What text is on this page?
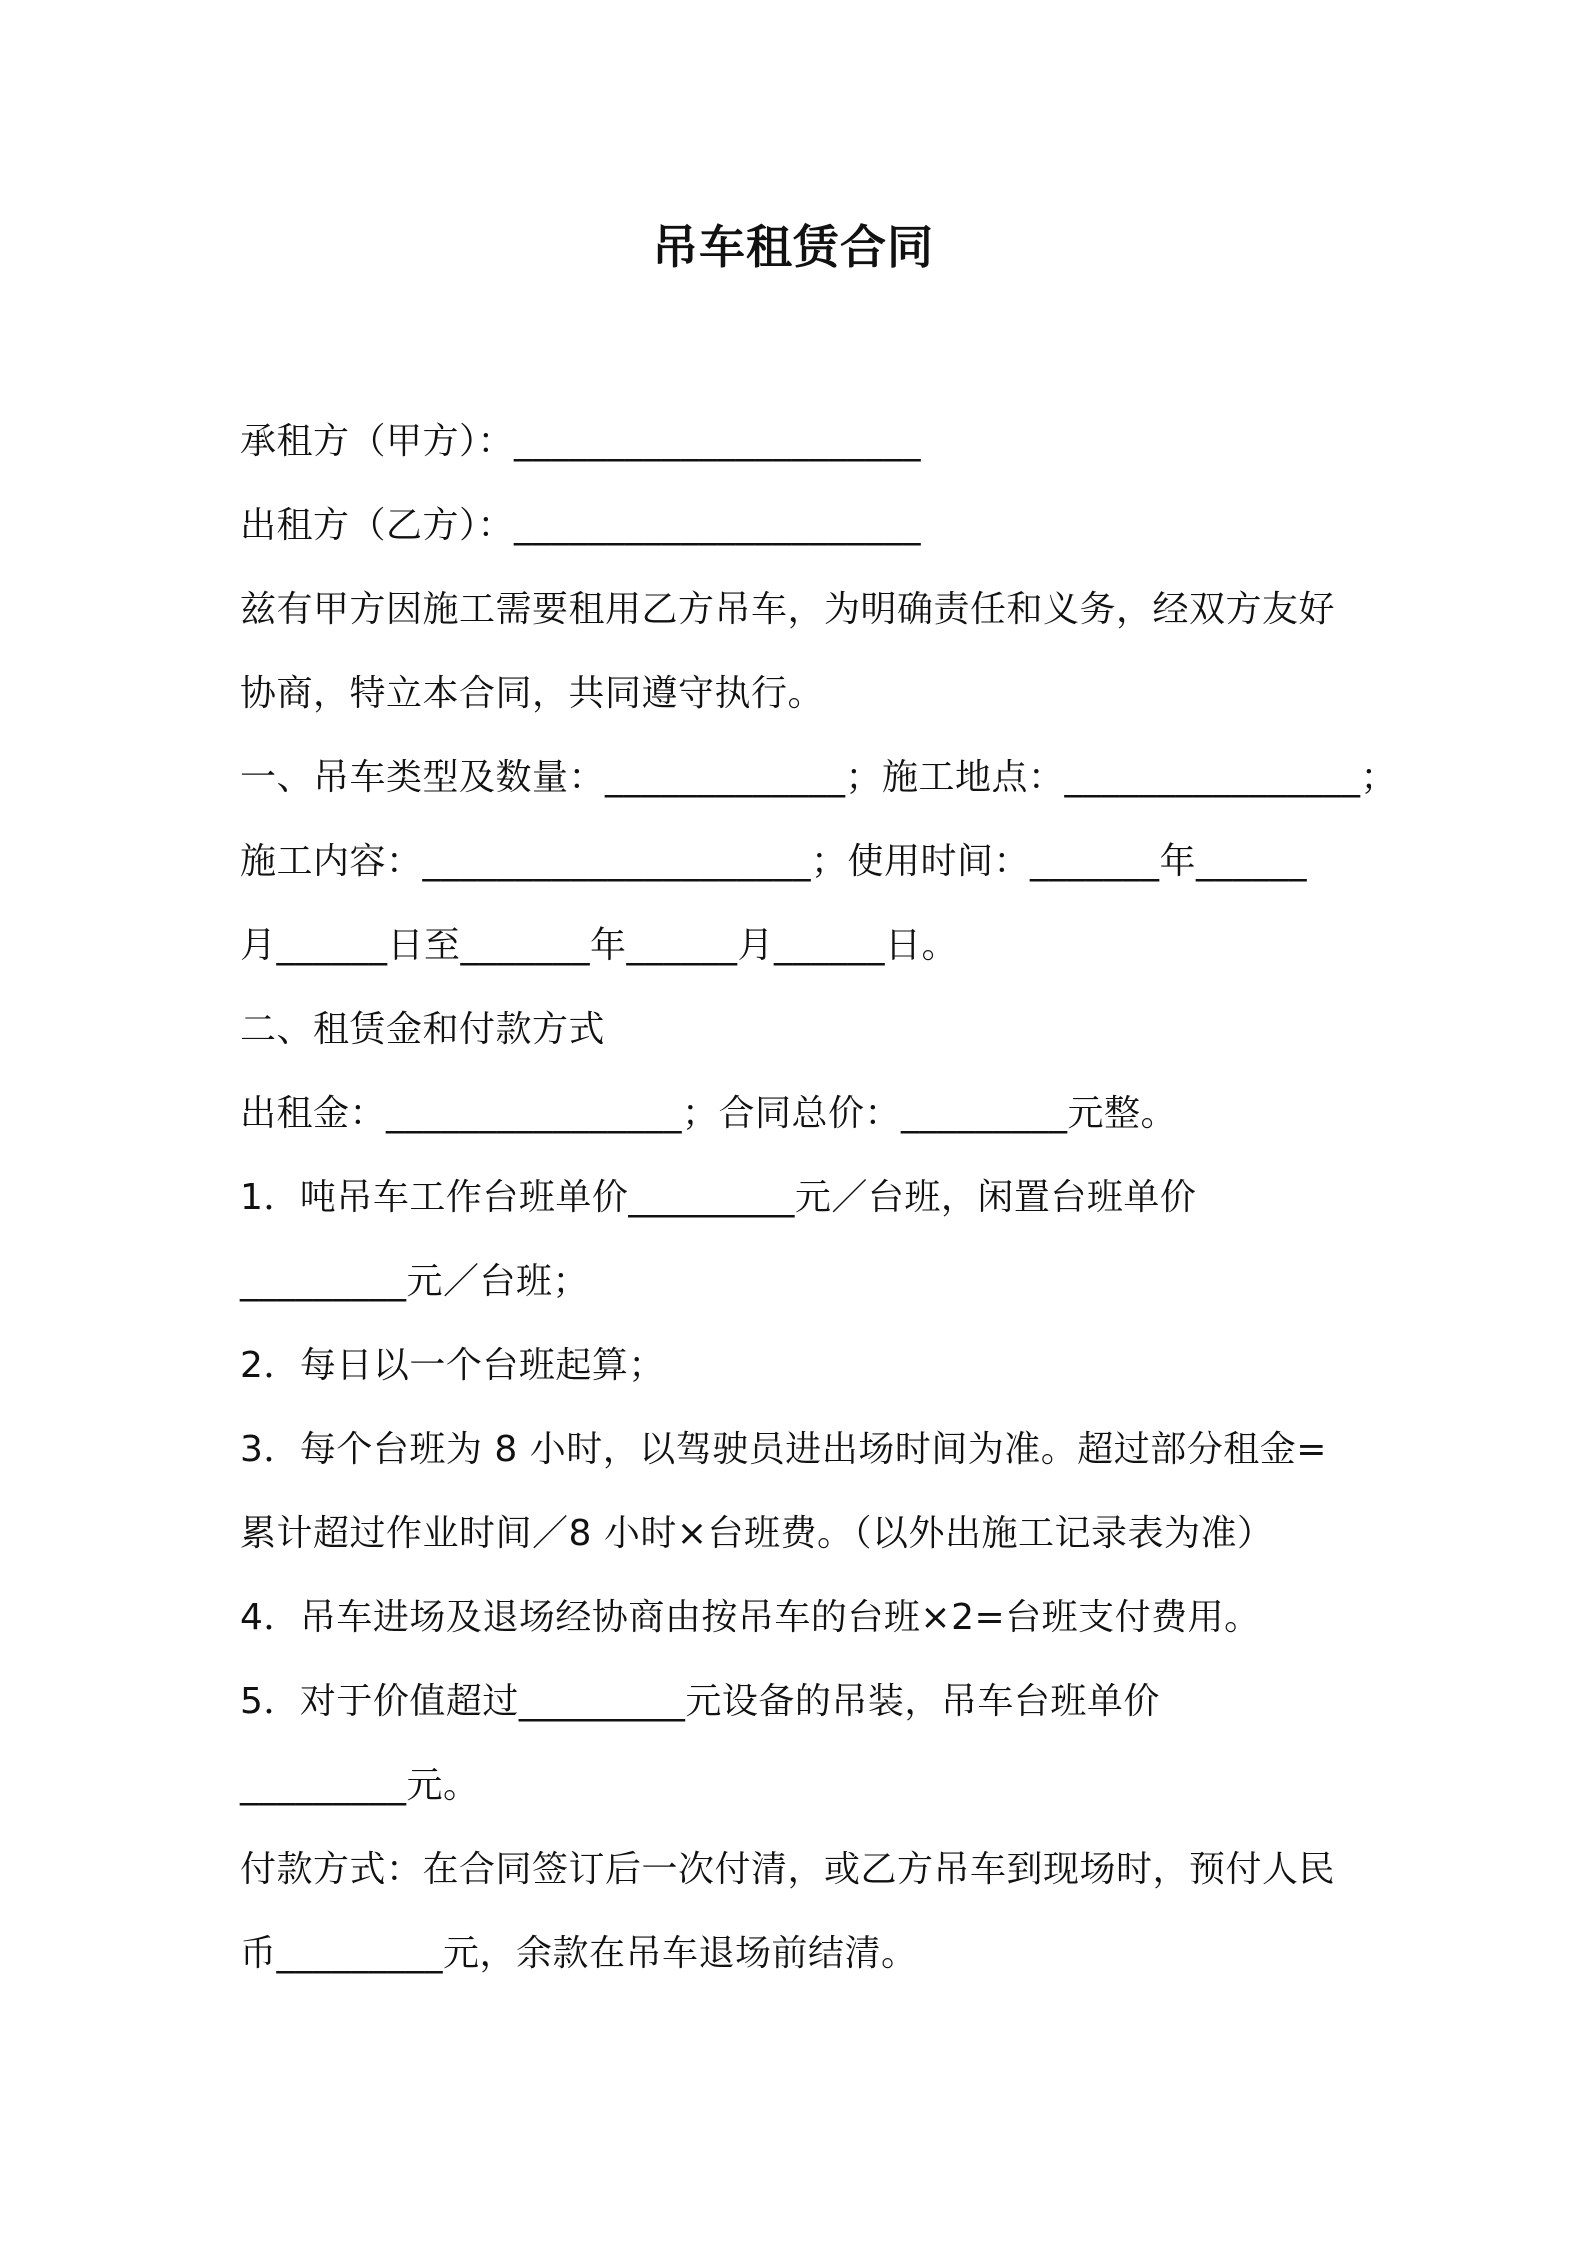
吊车租赁合同
承租方（甲方）：______________________
出租方（乙方）：______________________
兹有甲方因施工需要租用乙方吊车，为明确责任和义务，经双方友好
协商，特立本合同，共同遵守执行。
一、吊车类型及数量：_____________；施工地点：________________；
施工内容：_____________________；使用时间：_______年______
月______日至_______年______月______日。
二、租赁金和付款方式
出租金：________________；合同总价：_________元整。
1．吨吊车工作台班单价_________元／台班，闲置台班单价
_________元／台班；
2．每日以一个台班起算；
3．每个台班为 8 小时，以驾驶员进出场时间为准。超过部分租金=
累计超过作业时间／8 小时×台班费。（以外出施工记录表为准）
4．吊车进场及退场经协商由按吊车的台班×2=台班支付费用。
5．对于价值超过_________元设备的吊装，吊车台班单价
_________元。
付款方式：在合同签订后一次付清，或乙方吊车到现场时，预付人民
币_________元，余款在吊车退场前结清。
